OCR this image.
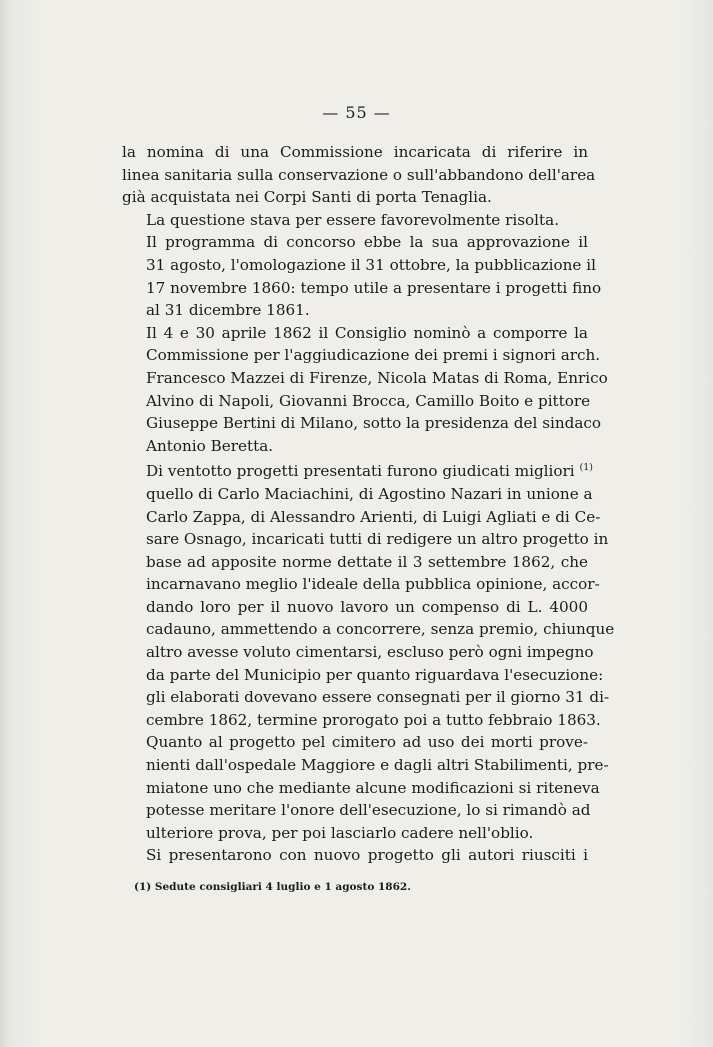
— 55 —
la nomina di una Commissione incaricata di riferire in
linea sanitaria sulla conservazione o sull'abbandono dell'area
già acquistata nei Corpi Santi di porta Tenaglia.
La questione stava per essere favorevolmente risolta.
Il programma di concorso ebbe la sua approvazione il
31 agosto, l'omologazione il 31 ottobre, la pubblicazione il
17 novembre 1860: tempo utile a presentare i progetti fino
al 31 dicembre 1861.
Il 4 e 30 aprile 1862 il Consiglio nominò a comporre la
Commissione per l'aggiudicazione dei premi i signori arch.
Francesco Mazzei di Firenze, Nicola Matas di Roma, Enrico
Alvino di Napoli, Giovanni Brocca, Camillo Boito e pittore
Giuseppe Bertini di Milano, sotto la presidenza del sindaco
Antonio Beretta.
Di ventotto progetti presentati furono giudicati migliori $^{(1)}$
quello di Carlo Maciachini, di Agostino Nazari in unione a
Carlo Zappa, di Alessandro Arienti, di Luigi Agliati e di Ce-
sare Osnago, incaricati tutti di redigere un altro progetto in
base ad apposite norme dettate il 3 settembre 1862, che
incarnavano meglio l'ideale della pubblica opinione, accor-
dando loro per il nuovo lavoro un compenso di L. 4000
cadauno, ammettendo a concorrere, senza premio, chiunque
altro avesse voluto cimentarsi, escluso però ogni impegno
da parte del Municipio per quanto riguardava l'esecuzione:
gli elaborati dovevano essere consegnati per il giorno 31 di-
cembre 1862, termine prorogato poi a tutto febbraio 1863.
Quanto al progetto pel cimitero ad uso dei morti prove-
nienti dall'ospedale Maggiore e dagli altri Stabilimenti, pre-
miatone uno che mediante alcune modificazioni si riteneva
potesse meritare l'onore dell'esecuzione, lo si rimandò ad
ulteriore prova, per poi lasciarlo cadere nell'oblio.
Si presentarono con nuovo progetto gli autori riusciti i
(1) Sedute consigliari 4 luglio e 1 agosto 1862.
